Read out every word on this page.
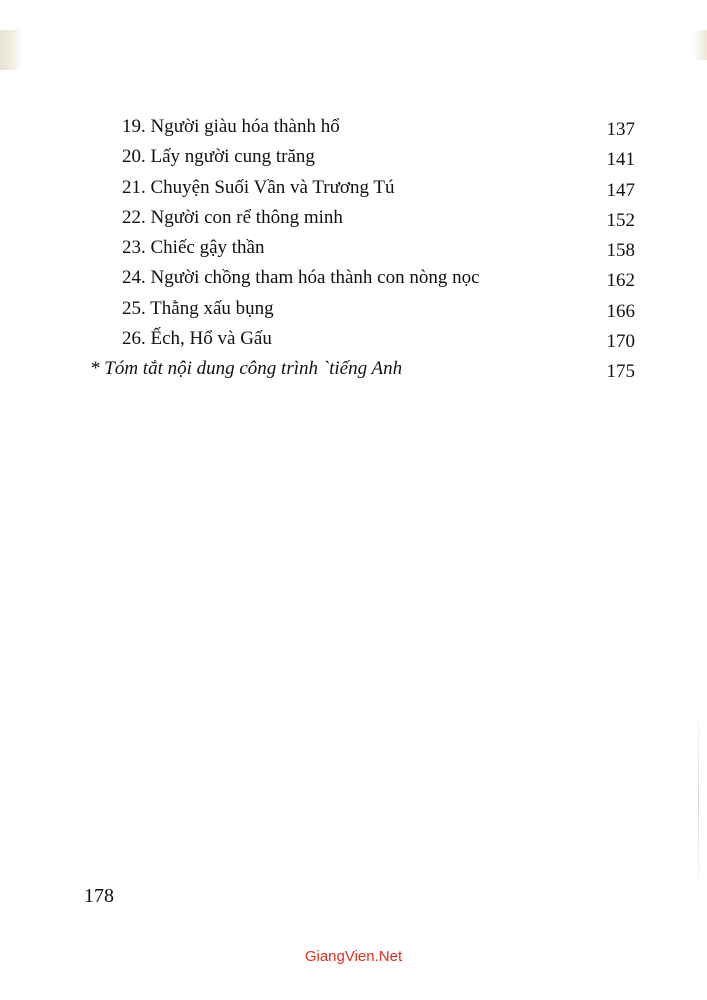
19. Người giàu hóa thành hổ	137
20. Lấy người cung trăng	141
21. Chuyện Suối Vần và Trương Tú	147
22. Người con rể thông minh	152
23. Chiếc gậy thần	158
24. Người chồng tham hóa thành con nòng nọc	162
25. Thằng xấu bụng	166
26. Ếch, Hổ và Gấu	170
* Tóm tắt nội dung công trình `tiếng Anh	175
178
GiangVien.Net
